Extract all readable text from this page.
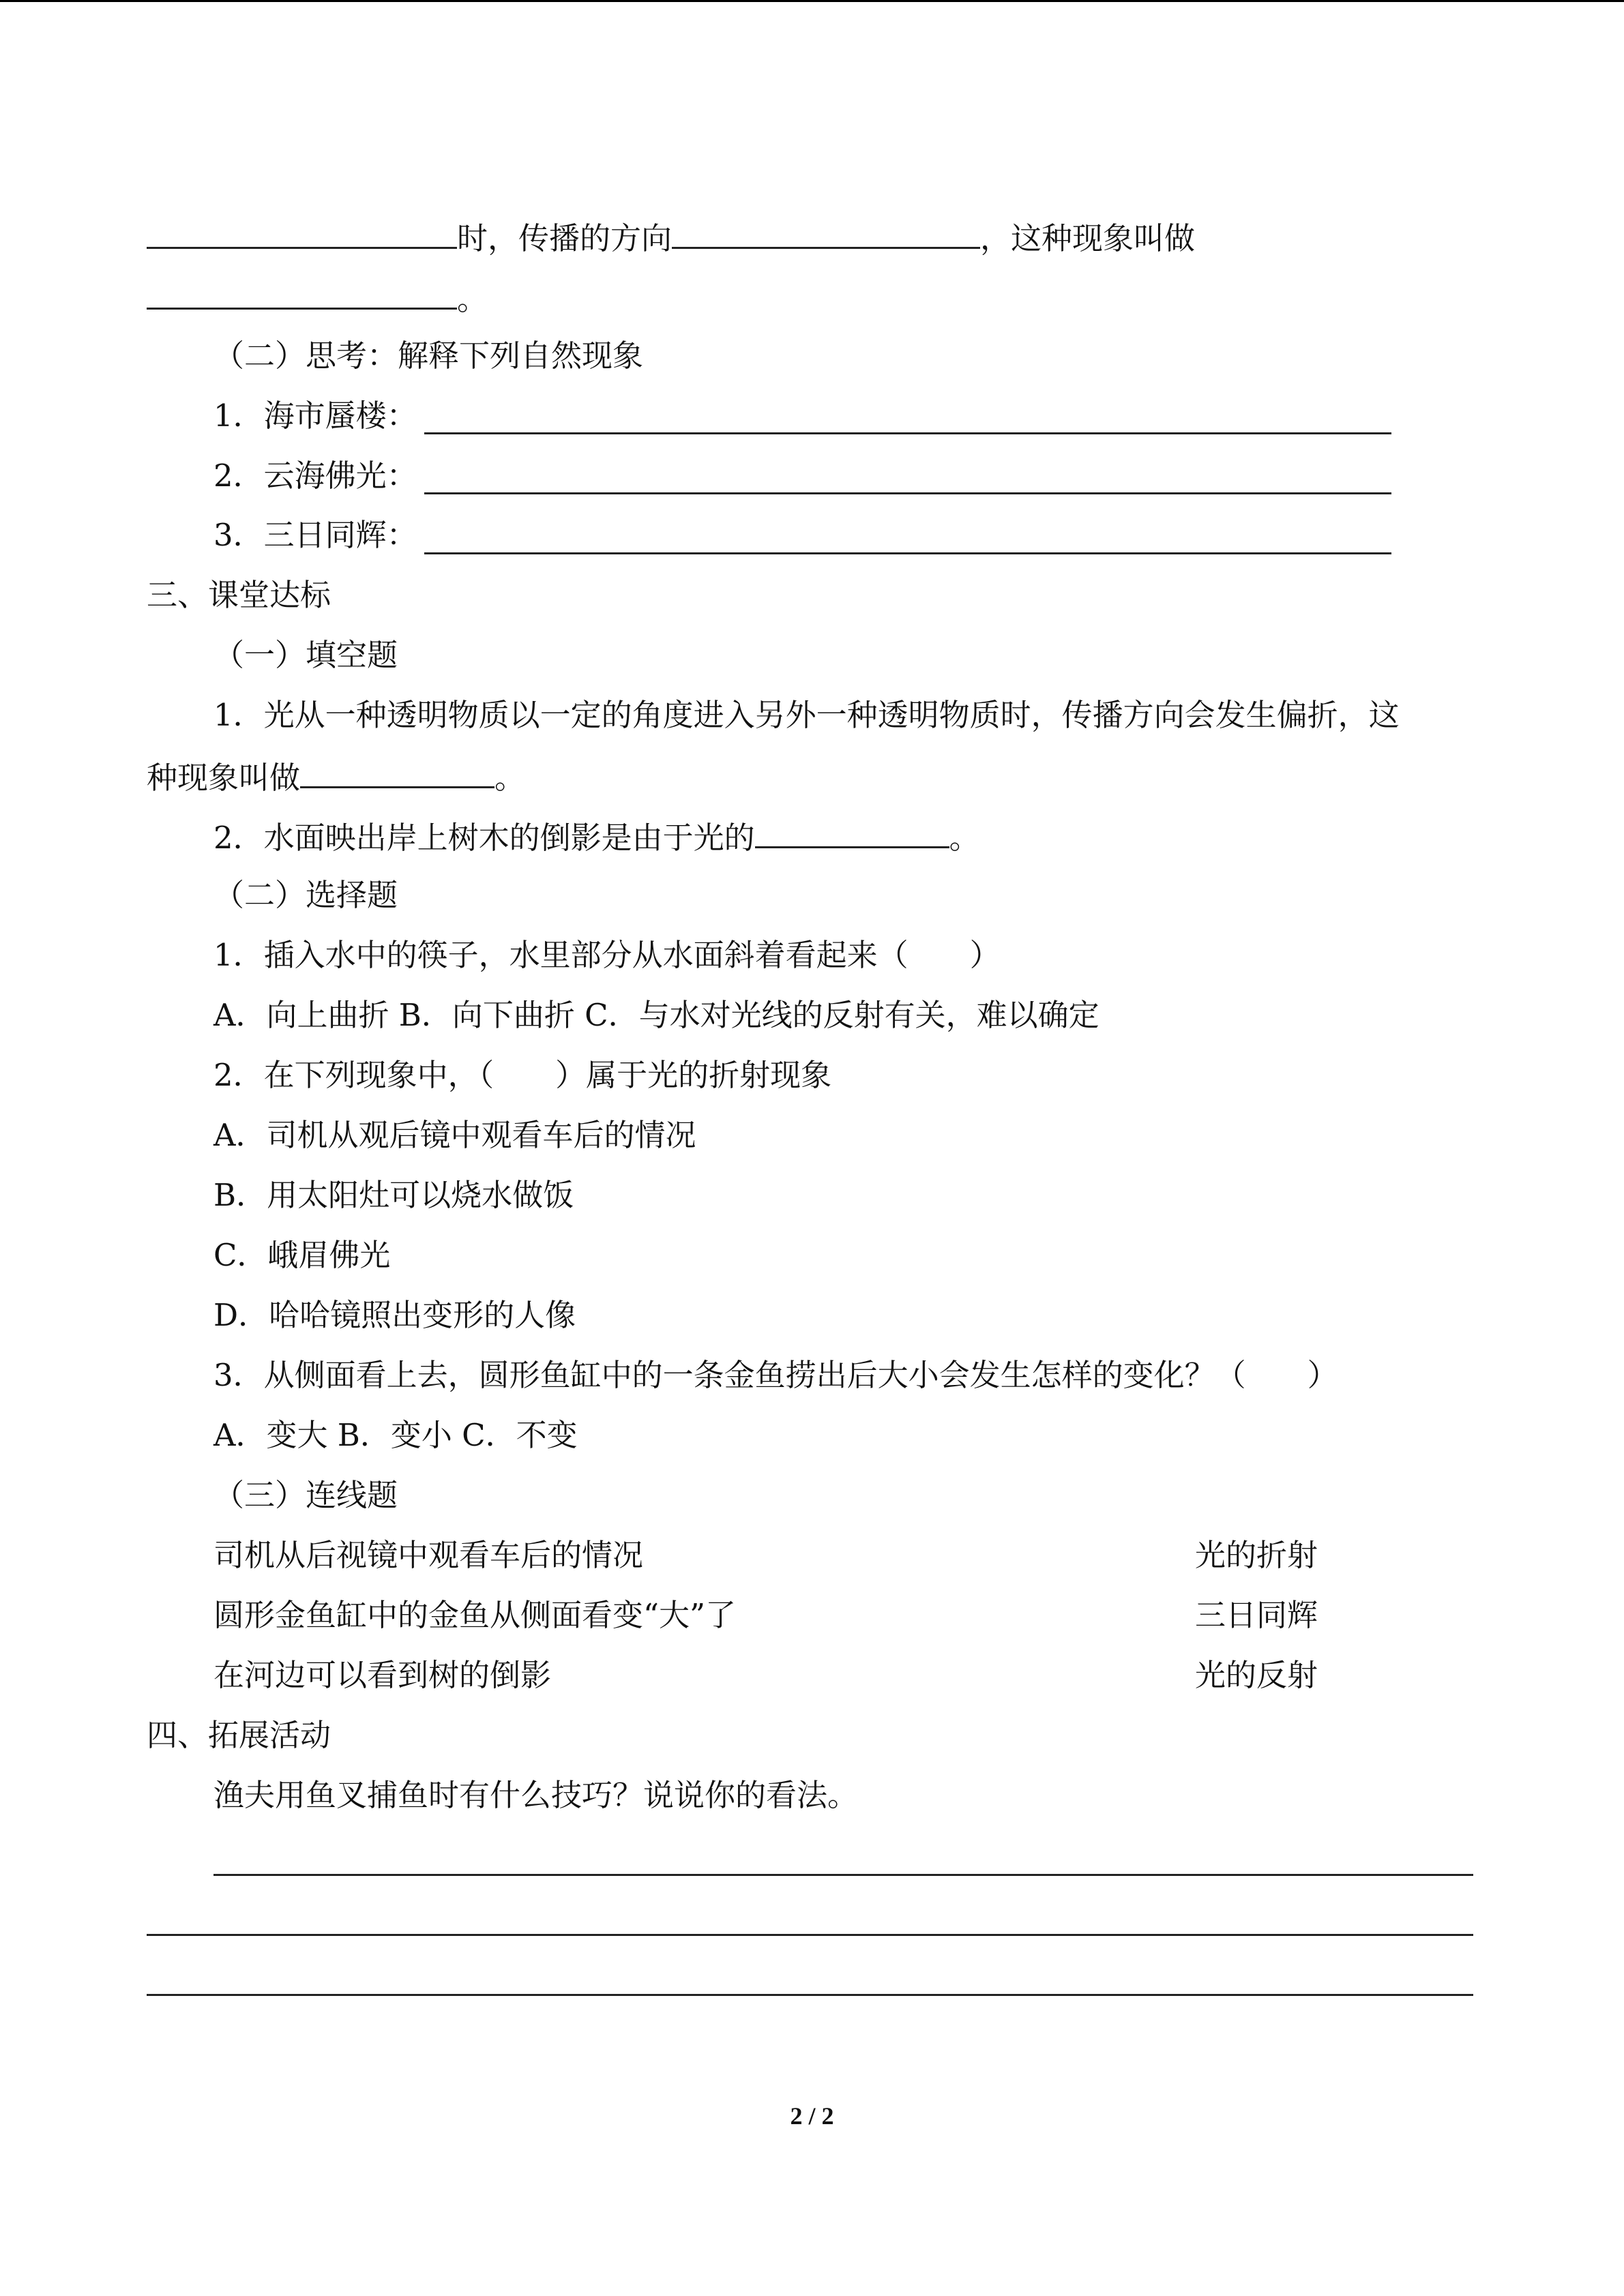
时，传播的方向	，这种现象叫做
。
（二）思考：解释下列自然现象
1．海市蜃楼：
2．云海佛光：
3．三日同辉：
三、课堂达标
（一）填空题
1．光从一种透明物质以一定的角度进入另外一种透明物质时，传播方向会发生偏折，这
种现象叫做	。
2．水面映出岸上树木的倒影是由于光的	。
（二）选择题
1．插入水中的筷子，水里部分从水面斜着看起来（　　）
A．向上曲折 B．向下曲折 C．与水对光线的反射有关，难以确定
2．在下列现象中，（　　）属于光的折射现象
A．司机从观后镜中观看车后的情况
B．用太阳灶可以烧水做饭
C．峨眉佛光
D．哈哈镜照出变形的人像
3．从侧面看上去，圆形鱼缸中的一条金鱼捞出后大小会发生怎样的变化？（　　）
A．变大 B．变小 C．不变
（三）连线题
司机从后视镜中观看车后的情况	光的折射
圆形金鱼缸中的金鱼从侧面看变“大”了	三日同辉
在河边可以看到树的倒影	光的反射
四、拓展活动
渔夫用鱼叉捕鱼时有什么技巧？说说你的看法。
2 / 2
